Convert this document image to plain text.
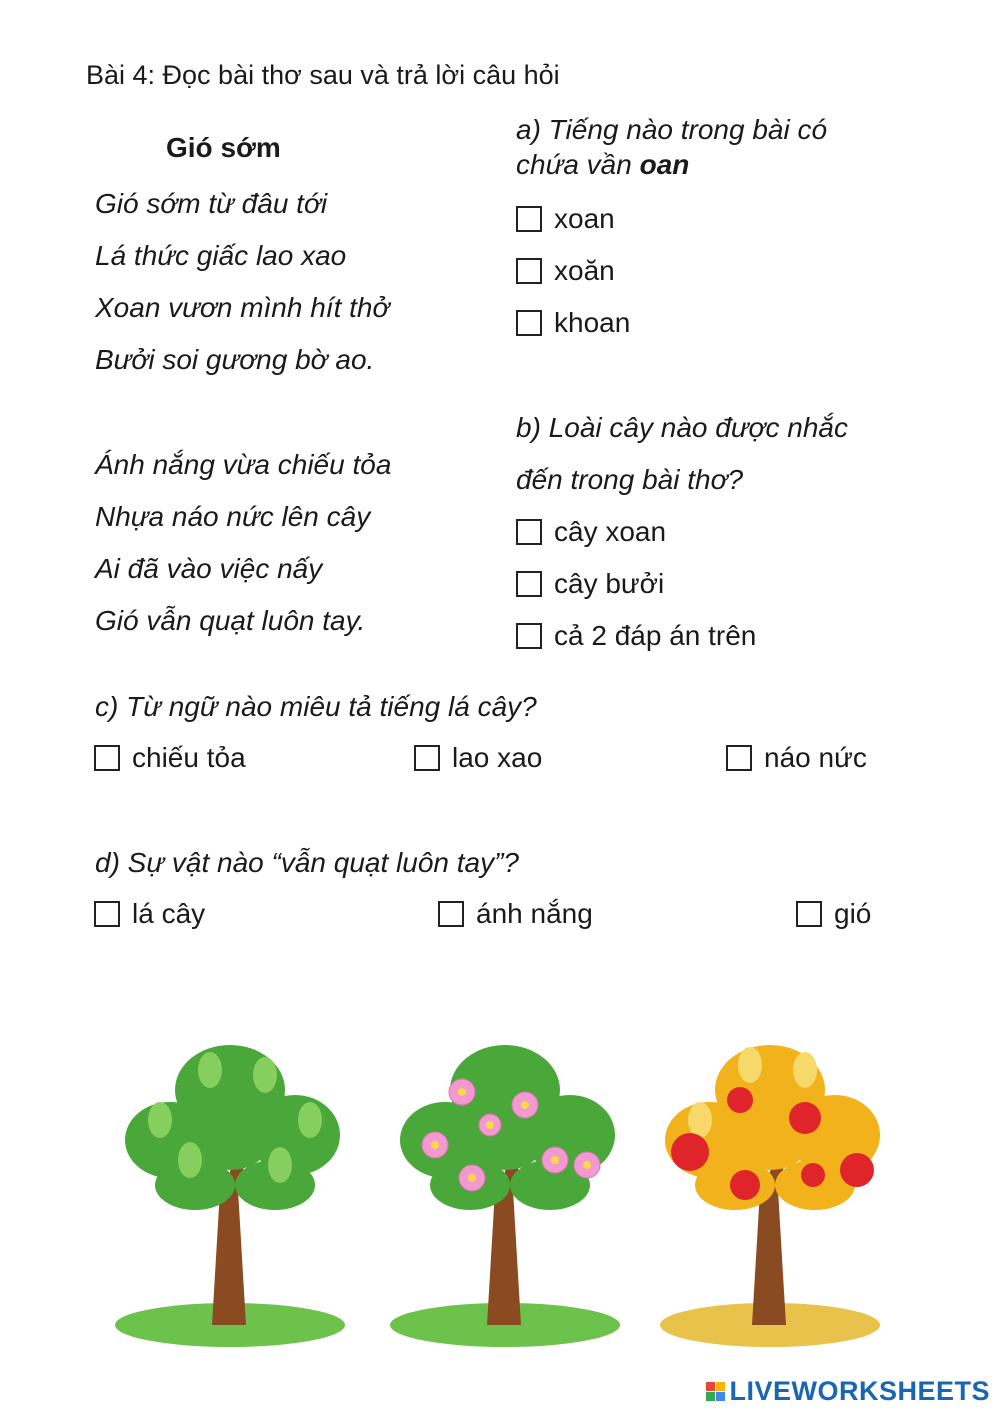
Bài 4: Đọc bài thơ sau và trả lời câu hỏi
Gió sớm
Gió sớm từ đâu tới
Lá thức giấc lao xao
Xoan vươn mình hít thở
Bưởi soi gương bờ ao.
Ánh nắng vừa chiếu tỏa
Nhựa náo nức lên cây
Ai đã vào việc nấy
Gió vẫn quạt luôn tay.
a) Tiếng nào trong bài có
chứa vần oan
xoan
xoăn
khoan
b) Loài cây nào được nhắc
đến trong bài thơ?
cây xoan
cây bưởi
cả 2 đáp án trên
c) Từ ngữ nào miêu tả tiếng lá cây?
chiếu tỏa	lao xao	náo nức
d) Sự vật nào “vẫn quạt luôn tay”?
lá cây	ánh nắng	gió
LIVEWORKSHEETS
